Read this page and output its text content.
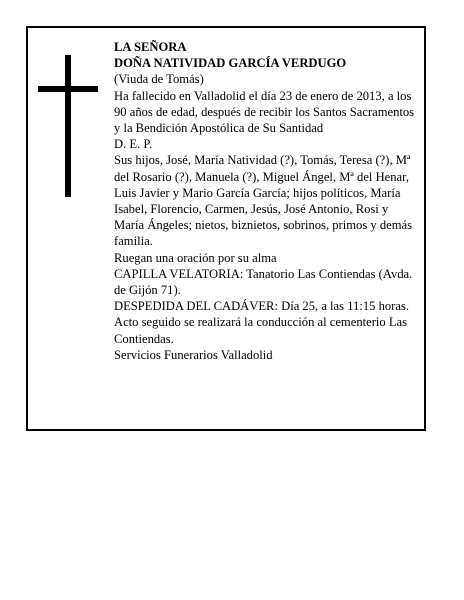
LA SEÑORA

DOÑA NATIVIDAD GARCÍA VERDUGO

(Viuda de Tomás)

Ha fallecido en Valladolid el día 23 de enero de 2013, a los 90 años de edad, después de recibir los Santos Sacramentos y la Bendición Apostólica de Su Santidad

D. E. P.

Sus hijos, José, María Natividad (?), Tomás, Teresa (?), Mª del Rosario (?), Manuela (?), Miguel Ángel, Mª del Henar, Luis Javier y Mario García García; hijos políticos, María Isabel, Florencio, Carmen, Jesús, José Antonio, Rosi y María Ángeles; nietos, biznietos, sobrinos, primos y demás familia.

Ruegan una oración por su alma

CAPILLA VELATORIA: Tanatorio Las Contiendas (Avda. de Gijón 71).

DESPEDIDA DEL CADÁVER: Día 25, a las 11:15 horas. Acto seguido se realizará la conducción al cementerio Las Contiendas.

Servicios Funerarios Valladolid
